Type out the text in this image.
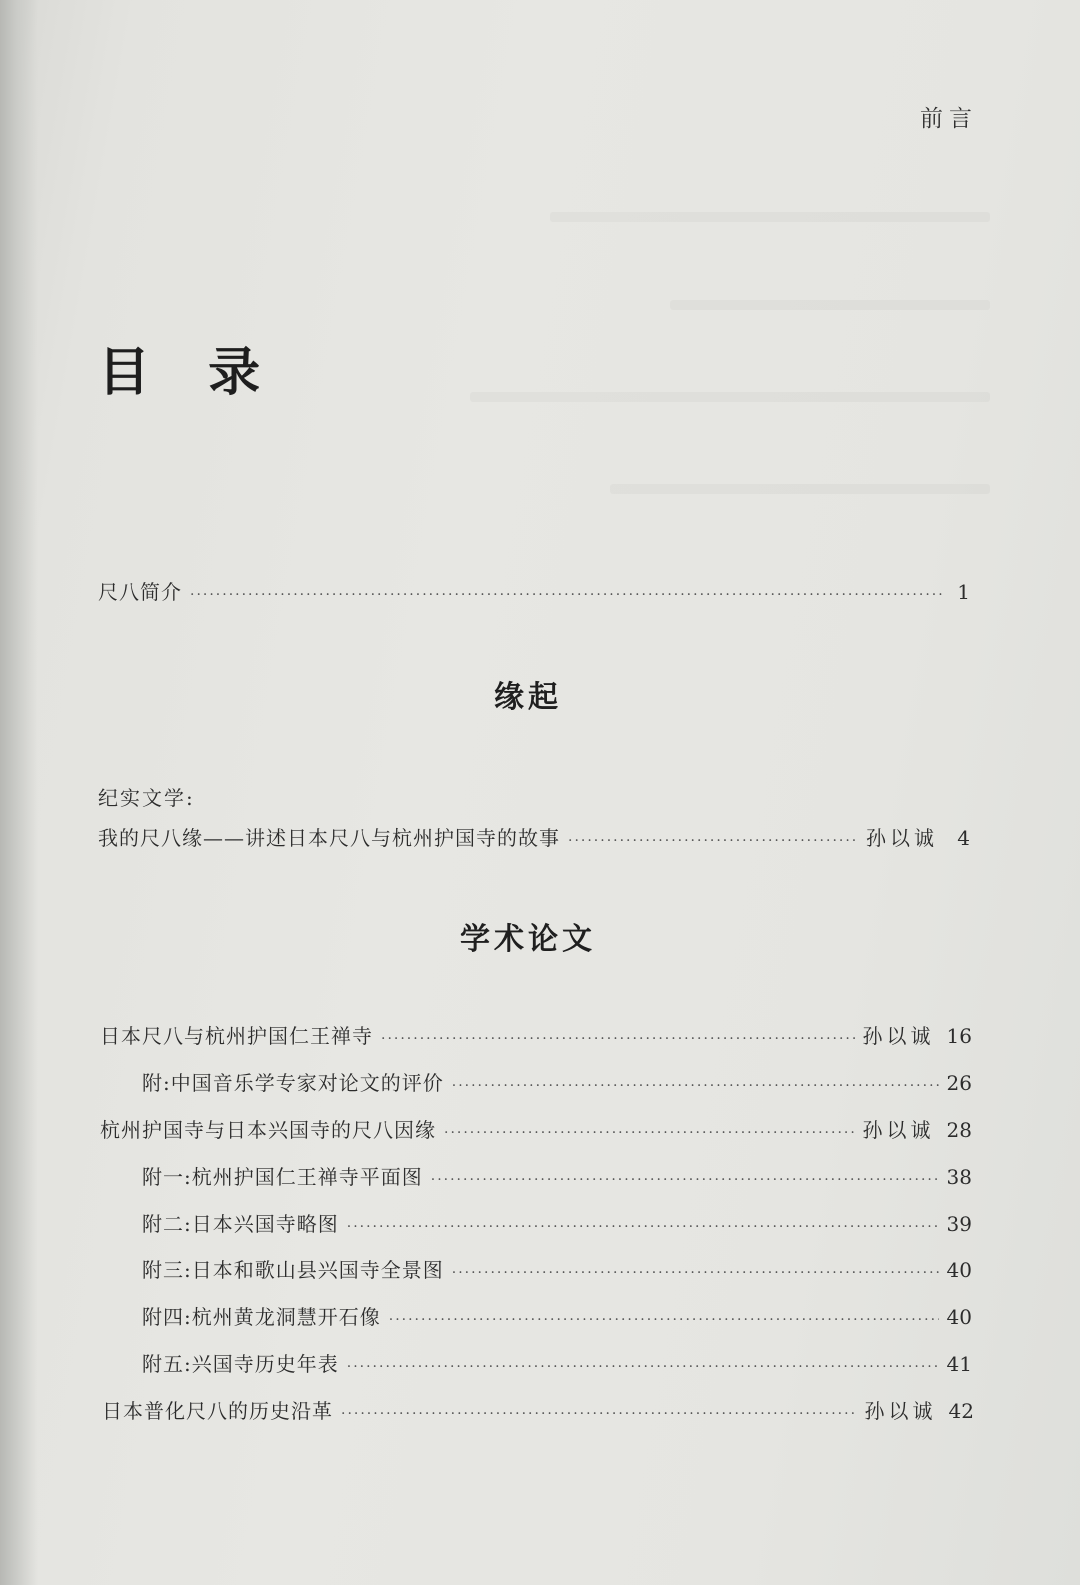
前言
目 录
尺八简介 ·····	1
缘起
纪实文学:
我的尺八缘——讲述日本尺八与杭州护国寺的故事 ·····	孙以诚 4
学术论文
日本尺八与杭州护国仁王禅寺 ·····	孙以诚 16
附:中国音乐学专家对论文的评价 ·····	26
杭州护国寺与日本兴国寺的尺八因缘 ·····	孙以诚 28
附一:杭州护国仁王禅寺平面图 ·····	38
附二:日本兴国寺略图 ·····	39
附三:日本和歌山县兴国寺全景图 ·····	40
附四:杭州黄龙洞慧开石像 ·····	40
附五:兴国寺历史年表 ·····	41
日本普化尺八的历史沿革 ·····	孙以诚 42
